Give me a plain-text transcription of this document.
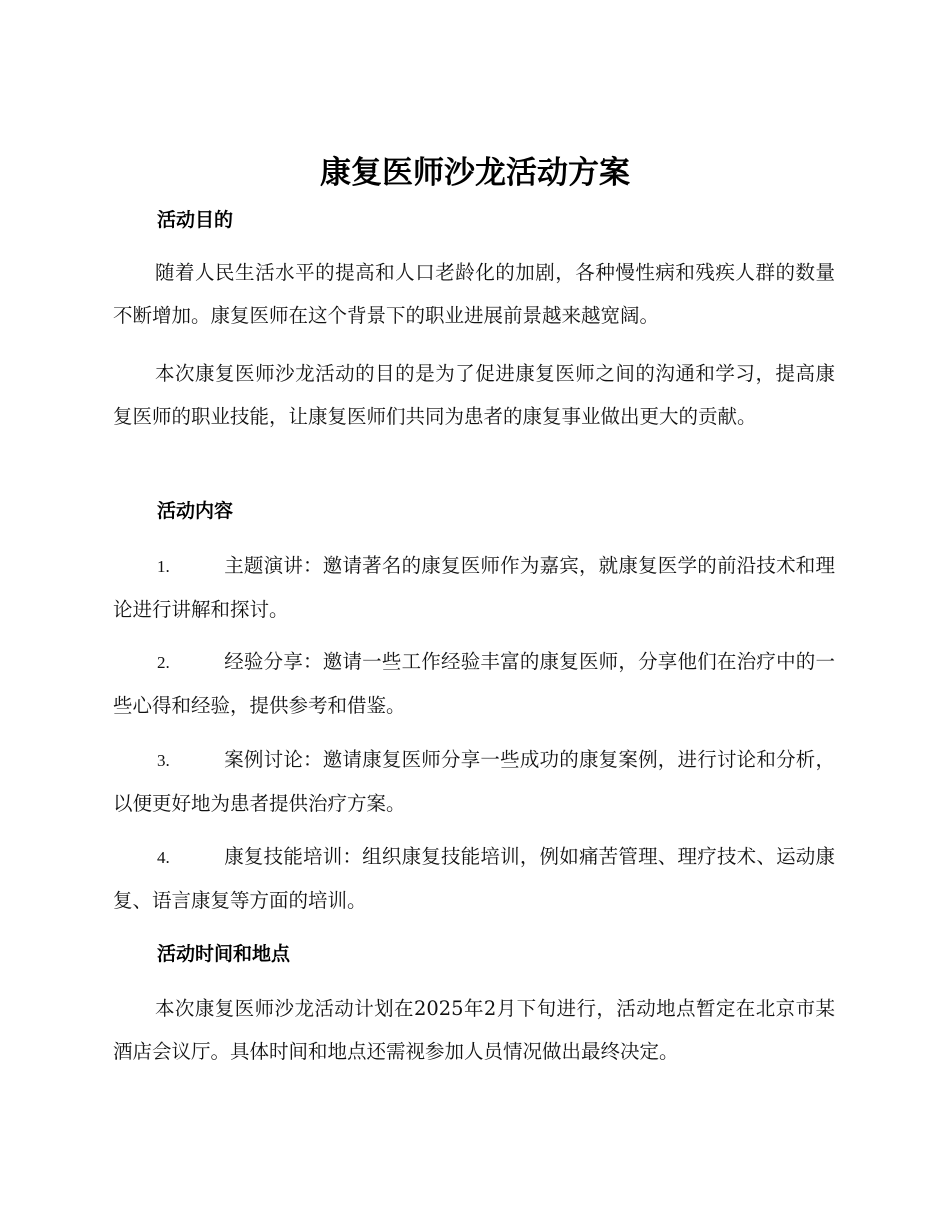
康复医师沙龙活动方案
活动目的

随着人民生活水平的提高和人口老龄化的加剧，各种慢性病和残疾人群的数量不断增加。康复医师在这个背景下的职业进展前景越来越宽阔。

本次康复医师沙龙活动的目的是为了促进康复医师之间的沟通和学习，提高康复医师的职业技能，让康复医师们共同为患者的康复事业做出更大的贡献。

活动内容
1.	主题演讲：邀请著名的康复医师作为嘉宾，就康复医学的前沿技术和理论进行讲解和探讨。
2.	经验分享：邀请一些工作经验丰富的康复医师，分享他们在治疗中的一些心得和经验，提供参考和借鉴。
3.	案例讨论：邀请康复医师分享一些成功的康复案例，进行讨论和分析，以便更好地为患者提供治疗方案。
4.	康复技能培训：组织康复技能培训，例如痛苦管理、理疗技术、运动康复、语言康复等方面的培训。
活动时间和地点

本次康复医师沙龙活动计划在2025年2月下旬进行，活动地点暂定在北京市某酒店会议厅。具体时间和地点还需视参加人员情况做出最终决定。
